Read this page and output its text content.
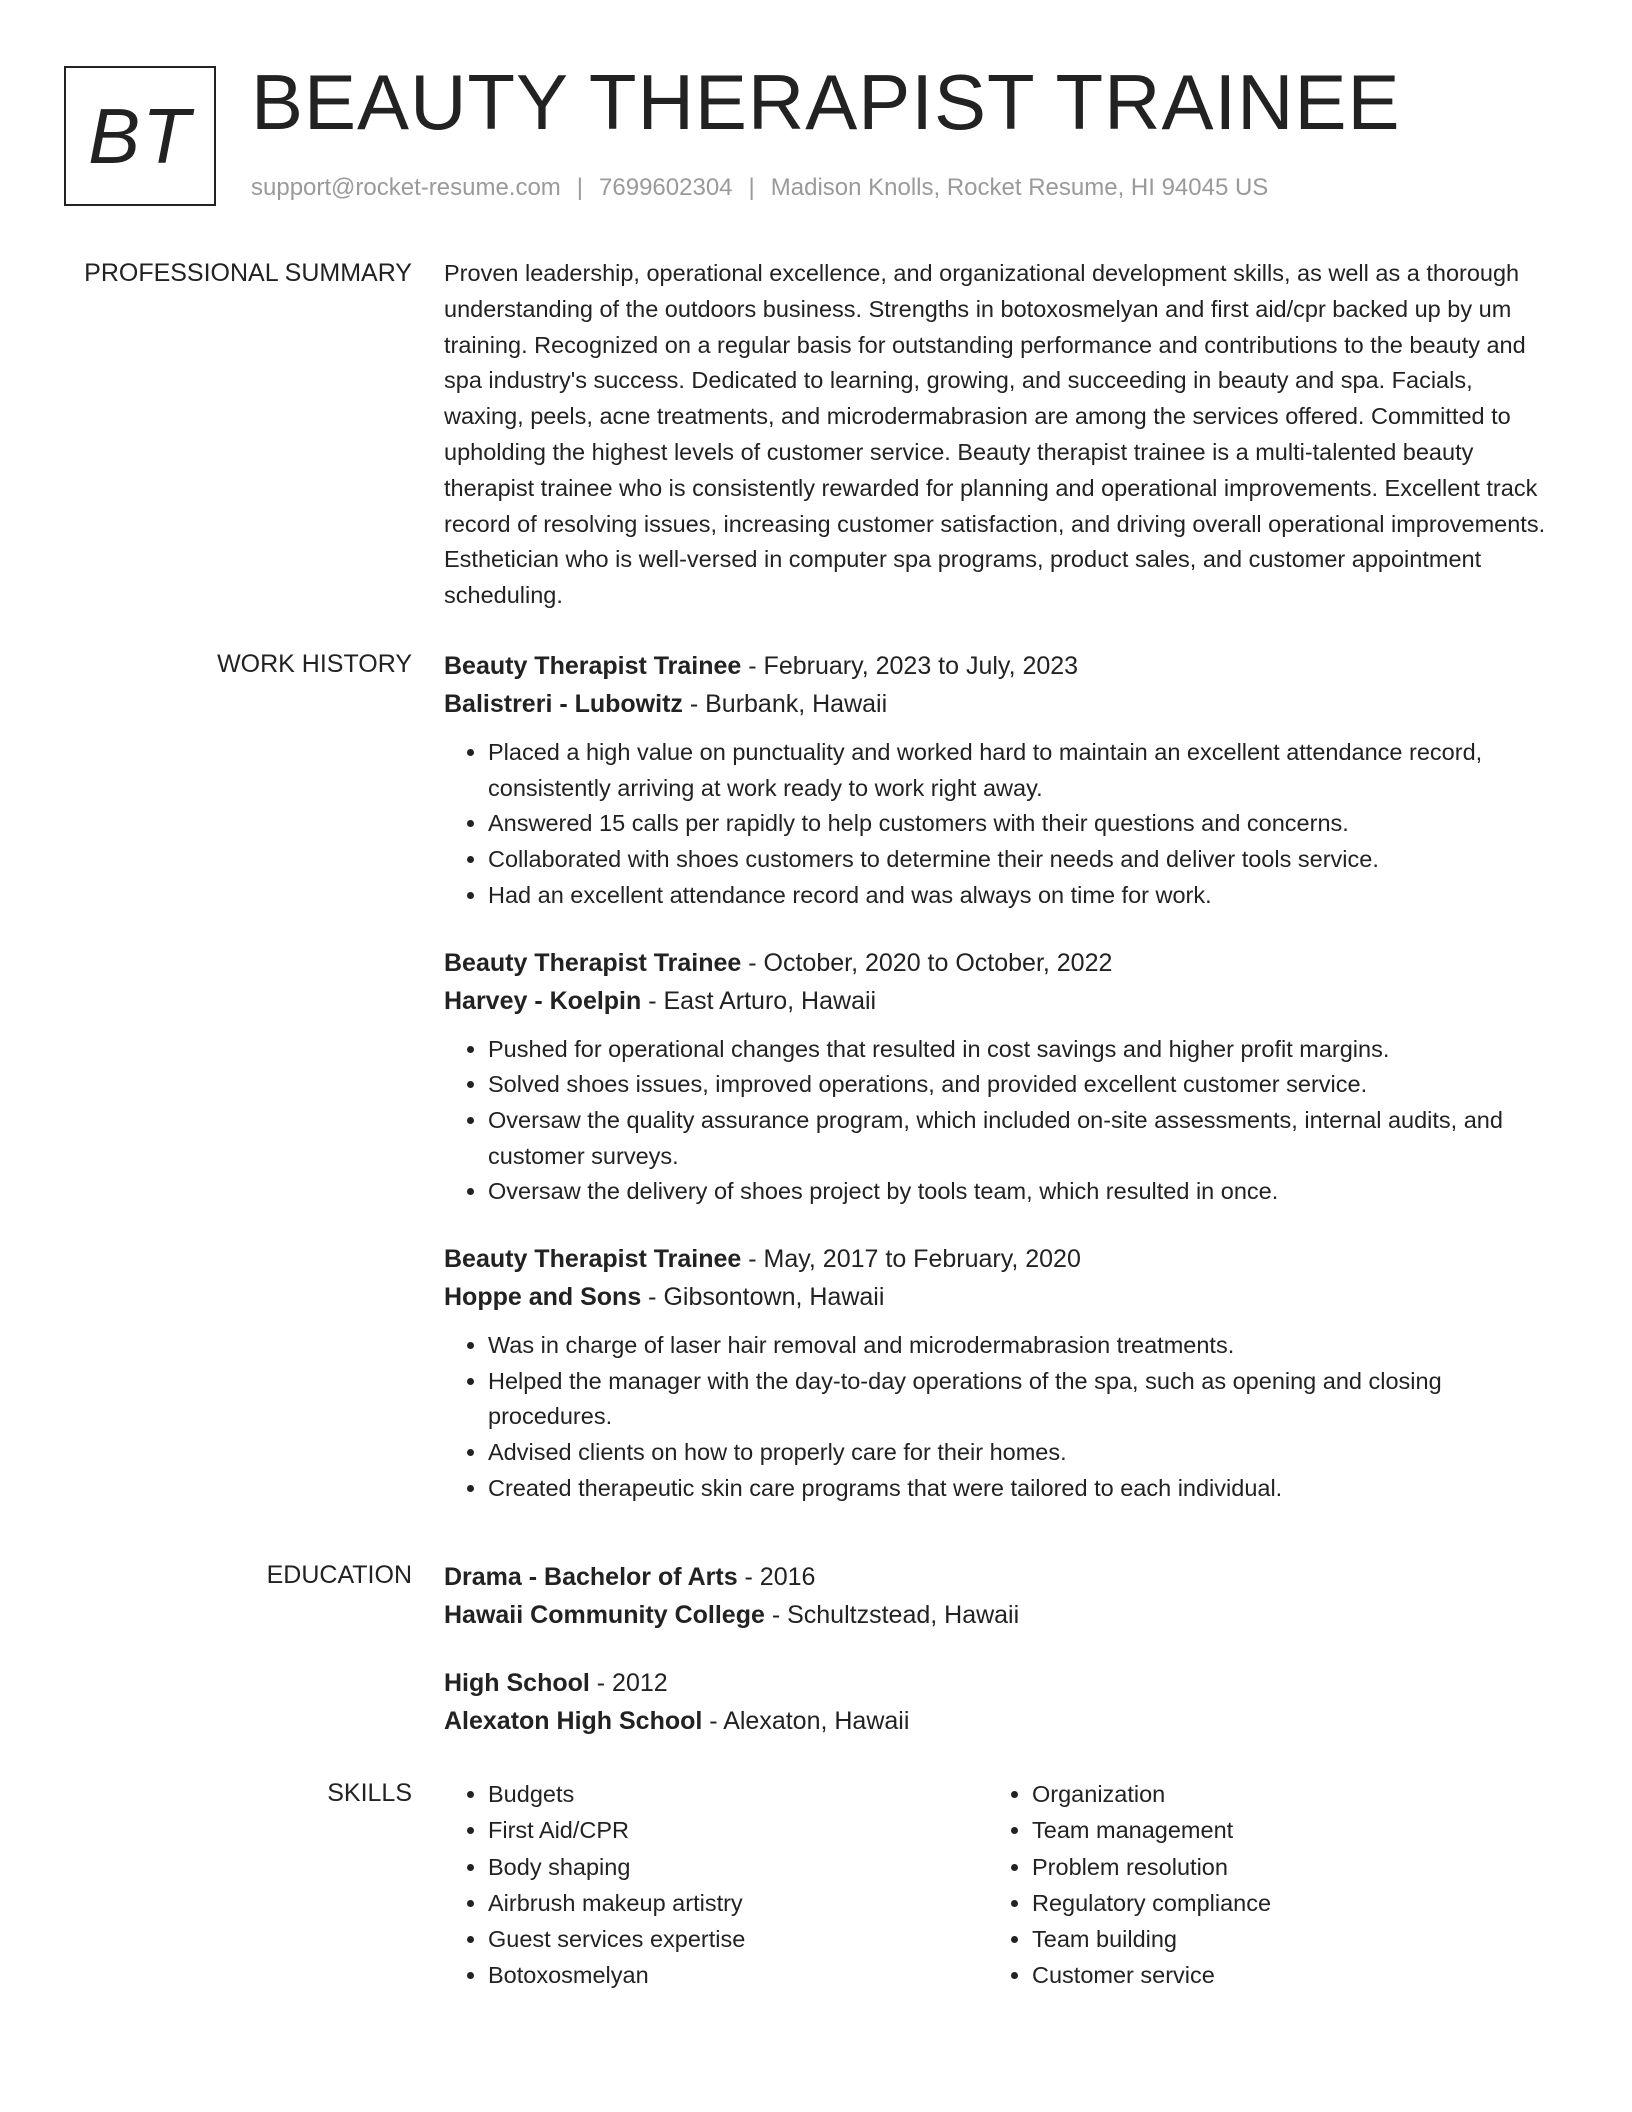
BT BEAUTY THERAPIST TRAINEE
support@rocket-resume.com | 7699602304 | Madison Knolls, Rocket Resume, HI 94045 US
PROFESSIONAL SUMMARY Proven leadership, operational excellence, and organizational development skills, as well as a thorough understanding of the outdoors business. Strengths in botoxosmelyan and first aid/cpr backed up by um training. Recognized on a regular basis for outstanding performance and contributions to the beauty and spa industry's success. Dedicated to learning, growing, and succeeding in beauty and spa. Facials, waxing, peels, acne treatments, and microdermabrasion are among the services offered. Committed to upholding the highest levels of customer service. Beauty therapist trainee is a multi-talented beauty therapist trainee who is consistently rewarded for planning and operational improvements. Excellent track record of resolving issues, increasing customer satisfaction, and driving overall operational improvements. Esthetician who is well-versed in computer spa programs, product sales, and customer appointment scheduling.

WORK HISTORY Beauty Therapist Trainee - February, 2023 to July, 2023
Balistreri - Lubowitz - Burbank, Hawaii
• Placed a high value on punctuality and worked hard to maintain an excellent attendance record, consistently arriving at work ready to work right away.
• Answered 15 calls per rapidly to help customers with their questions and concerns.
• Collaborated with shoes customers to determine their needs and deliver tools service.
• Had an excellent attendance record and was always on time for work.
Beauty Therapist Trainee - October, 2020 to October, 2022
Harvey - Koelpin - East Arturo, Hawaii
• Pushed for operational changes that resulted in cost savings and higher profit margins.
• Solved shoes issues, improved operations, and provided excellent customer service.
• Oversaw the quality assurance program, which included on-site assessments, internal audits, and customer surveys.
• Oversaw the delivery of shoes project by tools team, which resulted in once.
Beauty Therapist Trainee - May, 2017 to February, 2020
Hoppe and Sons - Gibsontown, Hawaii
• Was in charge of laser hair removal and microdermabrasion treatments.
• Helped the manager with the day-to-day operations of the spa, such as opening and closing procedures.
• Advised clients on how to properly care for their homes.
• Created therapeutic skin care programs that were tailored to each individual.
EDUCATION Drama - Bachelor of Arts - 2016
Hawaii Community College - Schultzstead, Hawaii
High School - 2012
Alexaton High School - Alexaton, Hawaii
SKILLS
•	Budgets
• First Aid/CPR
• Body shaping
• Airbrush makeup artistry
• Guest services expertise
• Botoxosmelyan
• Organization
• Team management
• Problem resolution
• Regulatory compliance
• Team building
• Customer service
